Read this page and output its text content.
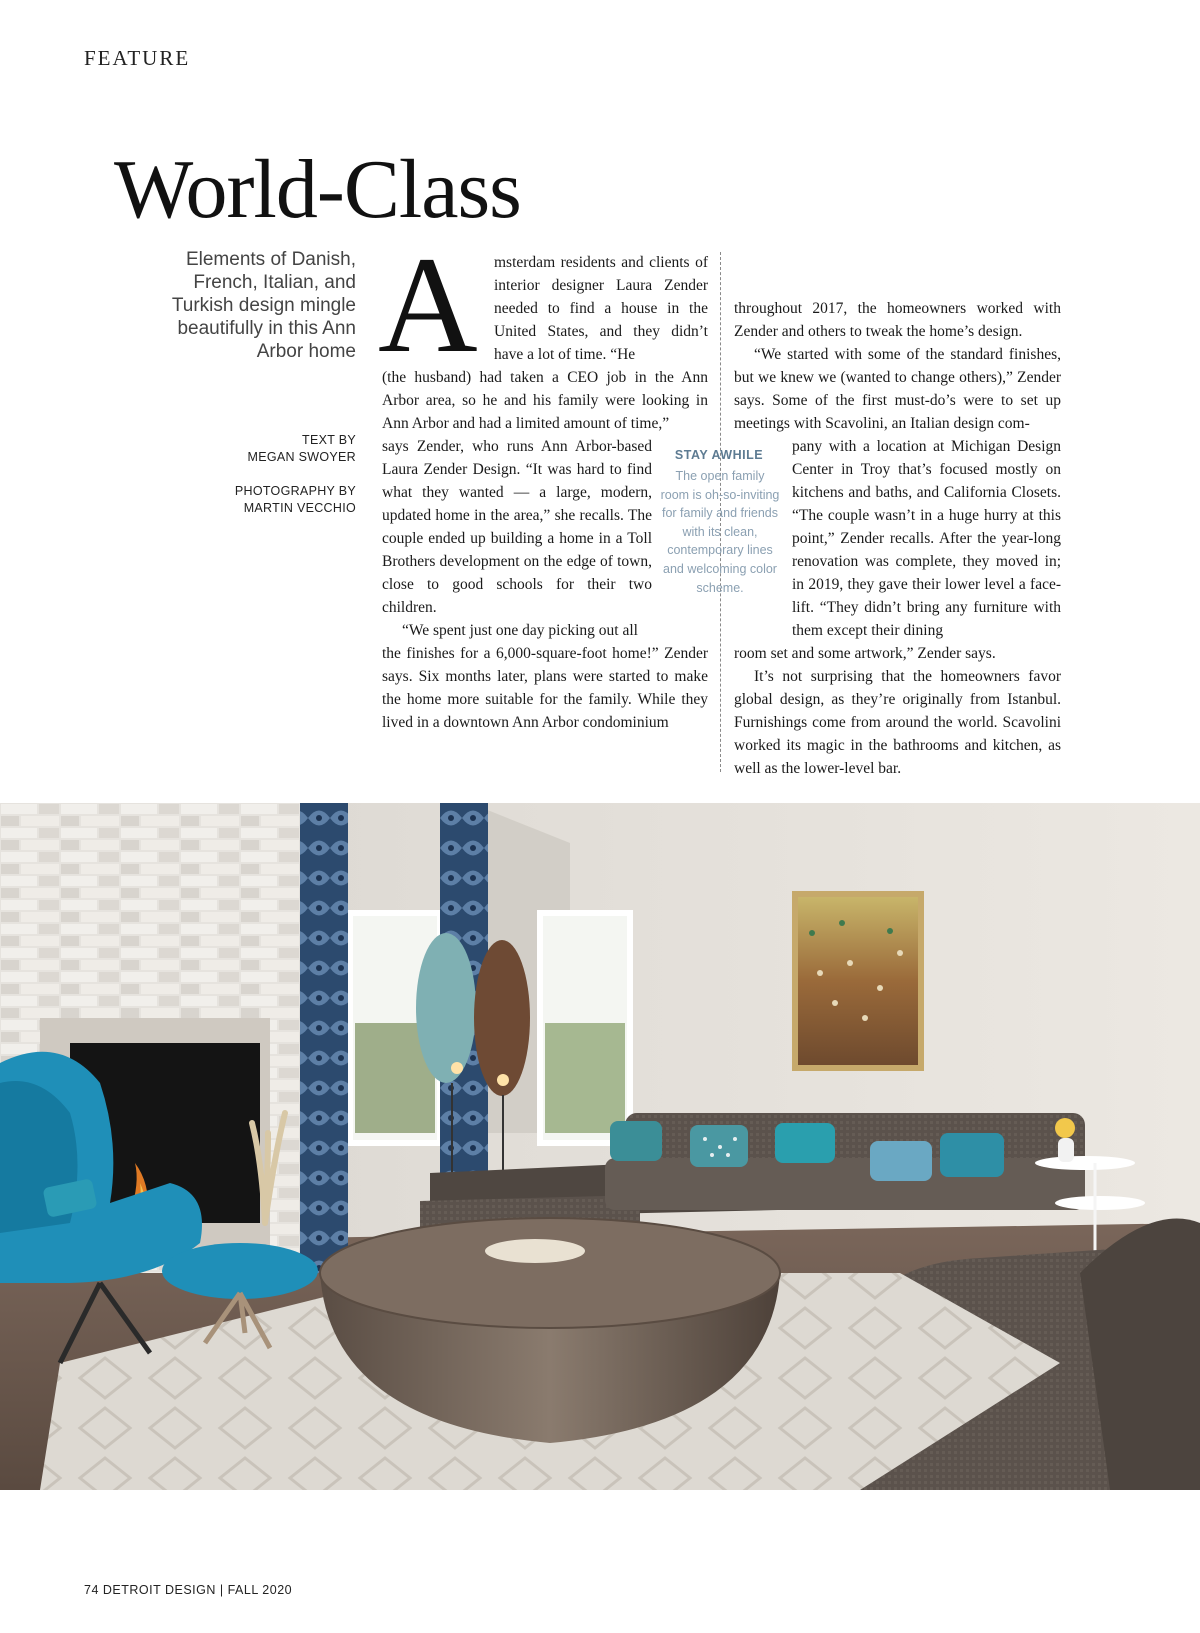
FEATURE
World-Class
Elements of Danish, French, Italian, and Turkish design mingle beautifully in this Ann Arbor home
TEXT BY
MEGAN SWOYER
PHOTOGRAPHY BY
MARTIN VECCHIO
A msterdam residents and clients of interior designer Laura Zender needed to find a house in the United States, and they didn’t have a lot of time. “He

(the husband) had taken a CEO job in the Ann Arbor area, so he and his family were looking in Ann Arbor and had a limited amount of time,”

says Zender, who runs Ann Arbor-based Laura Zender Design. “It was hard to find what they wanted — a large, modern, updated home in the area,” she recalls. The couple ended up building a home in a Toll Brothers development on the edge of town, close to good schools for their two children.

“We spent just one day picking out all

the finishes for a 6,000-square-foot home!” Zender says. Six months later, plans were started to make the home more suitable for the family. While they lived in a downtown Ann Arbor condominium

STAY AWHILE
The open family room is oh-so-inviting for family and friends with its clean, contemporary lines and welcoming color scheme.

throughout 2017, the homeowners worked with Zender and others to tweak the home’s design.

“We started with some of the standard finishes, but we knew we (wanted to change others),” Zender says. Some of the first must-do’s were to set up meetings with Scavolini, an Italian design com-

pany with a location at Michigan Design Center in Troy that’s focused mostly on kitchens and baths, and California Closets. “The couple wasn’t in a huge hurry at this point,” Zender recalls. After the year-long renovation was complete, they moved in; in 2019, they gave their lower level a face-lift. “They didn’t bring any furniture with them except their dining

room set and some artwork,” Zender says.

It’s not surprising that the homeowners favor global design, as they’re originally from Istanbul. Furnishings come from around the world. Scavolini worked its magic in the bathrooms and kitchen, as well as the lower-level bar.

74 DETROIT DESIGN | FALL 2020
